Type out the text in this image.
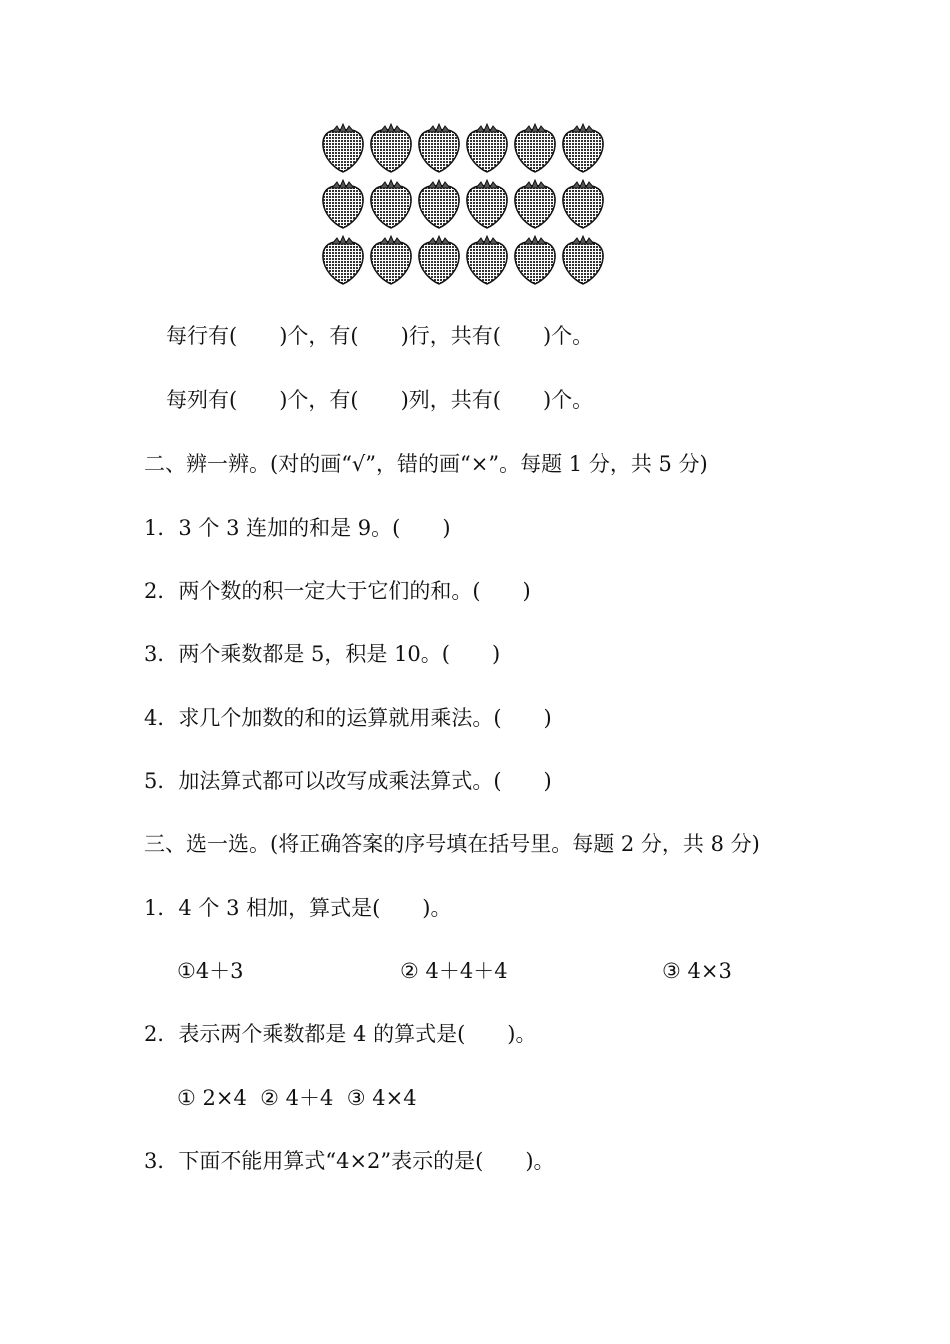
每行有(　　)个，有(　　)行，共有(　　)个。
每列有(　　)个，有(　　)列，共有(　　)个。
二、辨一辨。(对的画“√”，错的画“×”。每题 1 分，共 5 分)
1．3 个 3 连加的和是 9。(　　)
2．两个数的积一定大于它们的和。(　　)
3．两个乘数都是 5，积是 10。(　　)
4．求几个加数的和的运算就用乘法。(　　)
5．加法算式都可以改写成乘法算式。(　　)
三、选一选。(将正确答案的序号填在括号里。每题 2 分，共 8 分)
1．4 个 3 相加，算式是(　　)。
①4＋3	② 4＋4＋4	③ 4×3
2．表示两个乘数都是 4 的算式是(　　)。
① 2×4  ② 4＋4  ③ 4×4
3．下面不能用算式“4×2”表示的是(　　)。
